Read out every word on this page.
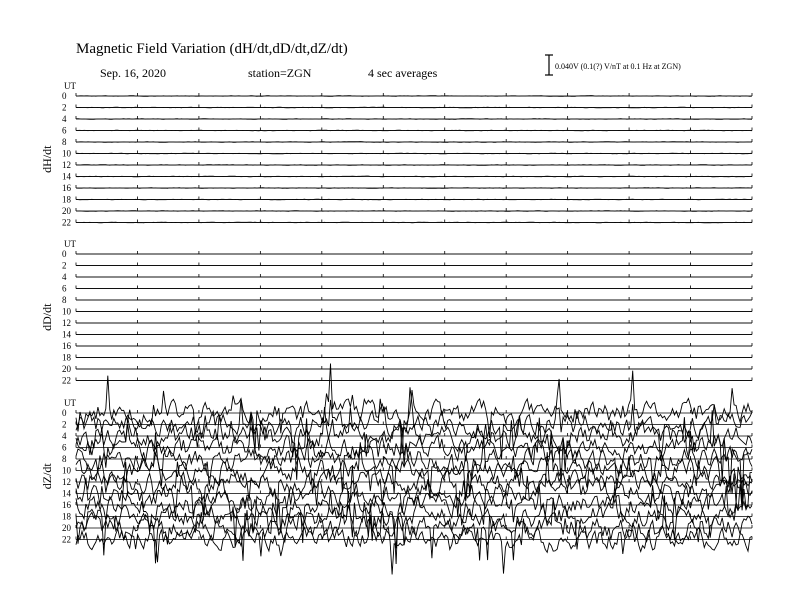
Magnetic Field Variation (dH/dt,dD/dt,dZ/dt)
Sep. 16, 2020	station=ZGN	4 sec averages	0.040V (0.1(?) V/nT at 0.1 Hz at ZGN)
UT
dH/dt
0
2
4
6
8
10
12
14
16
18
20
22
UT
dD/dt
0
2
4
6
8
10
12
14
16
18
20
22
UT
dZ/dt
0
2
4
6
8
10
12
14
16
18
20
22
